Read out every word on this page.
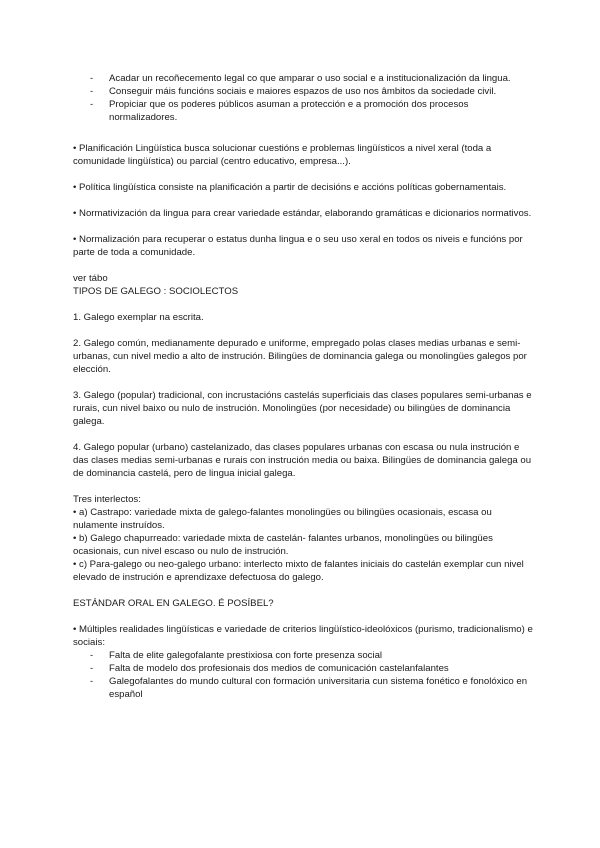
- Acadar un recoñecemento legal co que amparar o uso social e a institucionalización da lingua.
- Conseguir máis funcións sociais e maiores espazos de uso nos âmbitos da sociedade civil.
- Propiciar que os poderes públicos asuman a protección e a promoción dos procesos normalizadores.

• Planificación Lingüística busca solucionar cuestións e problemas lingüísticos a nivel xeral (toda a comunidade lingüística) ou parcial (centro educativo, empresa...).

• Política lingüística consiste na planificación a partir de decisións e accións políticas gobernamentais.

• Normativización da lingua para crear variedade estándar, elaborando gramáticas e dicionarios normativos.

• Normalización para recuperar o estatus dunha lingua e o seu uso xeral en todos os niveis e funcións por parte de toda a comunidade.

ver tábo
TIPOS DE GALEGO : SOCIOLECTOS

1. Galego exemplar na escrita.

2. Galego común, medianamente depurado e uniforme, empregado polas clases medias urbanas e semi-urbanas, cun nivel medio a alto de instrución. Bilingües de dominancia galega ou monolingües galegos por elección.

3. Galego (popular) tradicional, con incrustacións castelás superficiais das clases populares semi-urbanas e rurais, cun nivel baixo ou nulo de instrución. Monolingües (por necesidade) ou bilingües de dominancia galega.

4. Galego popular (urbano) castelanizado, das clases populares urbanas con escasa ou nula instrución e das clases medias semi-urbanas e rurais con instrución media ou baixa. Bilingües de dominancia galega ou de dominancia castelá, pero de lingua inicial galega.

Tres interlectos:
• a) Castrapo: variedade mixta de galego-falantes monolingües ou bilingües ocasionais, escasa ou nulamente instruídos.
• b) Galego chapurreado: variedade mixta de castelán- falantes urbanos, monolingües ou bilingües ocasionais, cun nivel escaso ou nulo de instrución.
• c) Para-galego ou neo-galego urbano: interlecto mixto de falantes iniciais do castelán exemplar cun nivel elevado de instrución e aprendizaxe defectuosa do galego.

ESTÁNDAR ORAL EN GALEGO. É POSÍBEL?

• Múltiples realidades lingüísticas e variedade de criterios lingüístico-ideolóxicos (purismo, tradicionalismo) e sociais:

- Falta de elite galegofalante prestixiosa con forte presenza social
- Falta de modelo dos profesionais dos medios de comunicación castelanfalantes
- Galegofalantes do mundo cultural con formación universitaria cun sistema fonético e fonolóxico en español
